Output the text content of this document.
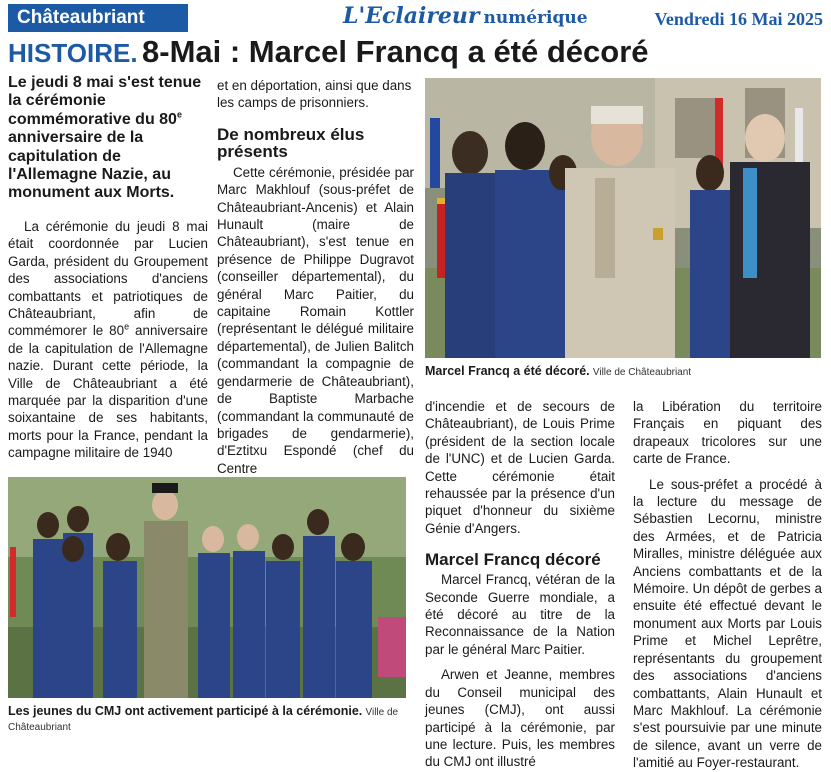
Châteaubriant	L'Eclaireur numérique	Vendredi 16 Mai 2025
HISTOIRE. 8-Mai : Marcel Francq a été décoré
Le jeudi 8 mai s'est tenue la cérémonie commémorative du 80e anniversaire de la capitulation de l'Allemagne Nazie, au monument aux Morts.

La cérémonie du jeudi 8 mai était coordonnée par Lucien Garda, président du Groupement des associations d'anciens combattants et patriotiques de Châteaubriant, afin de commémorer le 80e anniversaire de la capitulation de l'Allemagne nazie. Durant cette période, la Ville de Châteaubriant a été marquée par la disparition d'une soixantaine de ses habitants, morts pour la France, pendant la campagne militaire de 1940

et en déportation, ainsi que dans les camps de prisonniers.
De nombreux élus présents

Cette cérémonie, présidée par Marc Makhlouf (sous-préfet de Châteaubriant-Ancenis) et Alain Hunault (maire de Châteaubriant), s'est tenue en présence de Philippe Dugravot (conseiller départemental), du général Marc Paitier, du capitaine Romain Kottler (représentant le délégué militaire départemental), de Julien Balitch (commandant la compagnie de gendarmerie de Châteaubriant), de Baptiste Marbache (commandant la communauté de brigades de gendarmerie), d'Eztitxu Espondé (chef du Centre

Marcel Francq a été décoré. Ville de Châteaubriant
Les jeunes du CMJ ont activement participé à la cérémonie. Ville de Châteaubriant
d'incendie et de secours de Châteaubriant), de Louis Prime (président de la section locale de l'UNC) et de Lucien Garda. Cette cérémonie était rehaussée par la présence d'un piquet d'honneur du sixième Génie d'Angers.
Marcel Francq décoré

Marcel Francq, vétéran de la Seconde Guerre mondiale, a été décoré au titre de la Reconnaissance de la Nation par le général Marc Paitier.

Arwen et Jeanne, membres du Conseil municipal des jeunes (CMJ), ont aussi participé à la cérémonie, par une lecture. Puis, les membres du CMJ ont illustré

la Libération du territoire Français en piquant des drapeaux tricolores sur une carte de France.

Le sous-préfet a procédé à la lecture du message de Sébastien Lecornu, ministre des Armées, et de Patricia Miralles, ministre déléguée aux Anciens combattants et de la Mémoire. Un dépôt de gerbes a ensuite été effectué devant le monument aux Morts par Louis Prime et Michel Leprêtre, représentants du groupement des associations d'anciens combattants, Alain Hunault et Marc Makhlouf. La cérémonie s'est poursuivie par une minute de silence, avant un verre de l'amitié au Foyer-restaurant.
